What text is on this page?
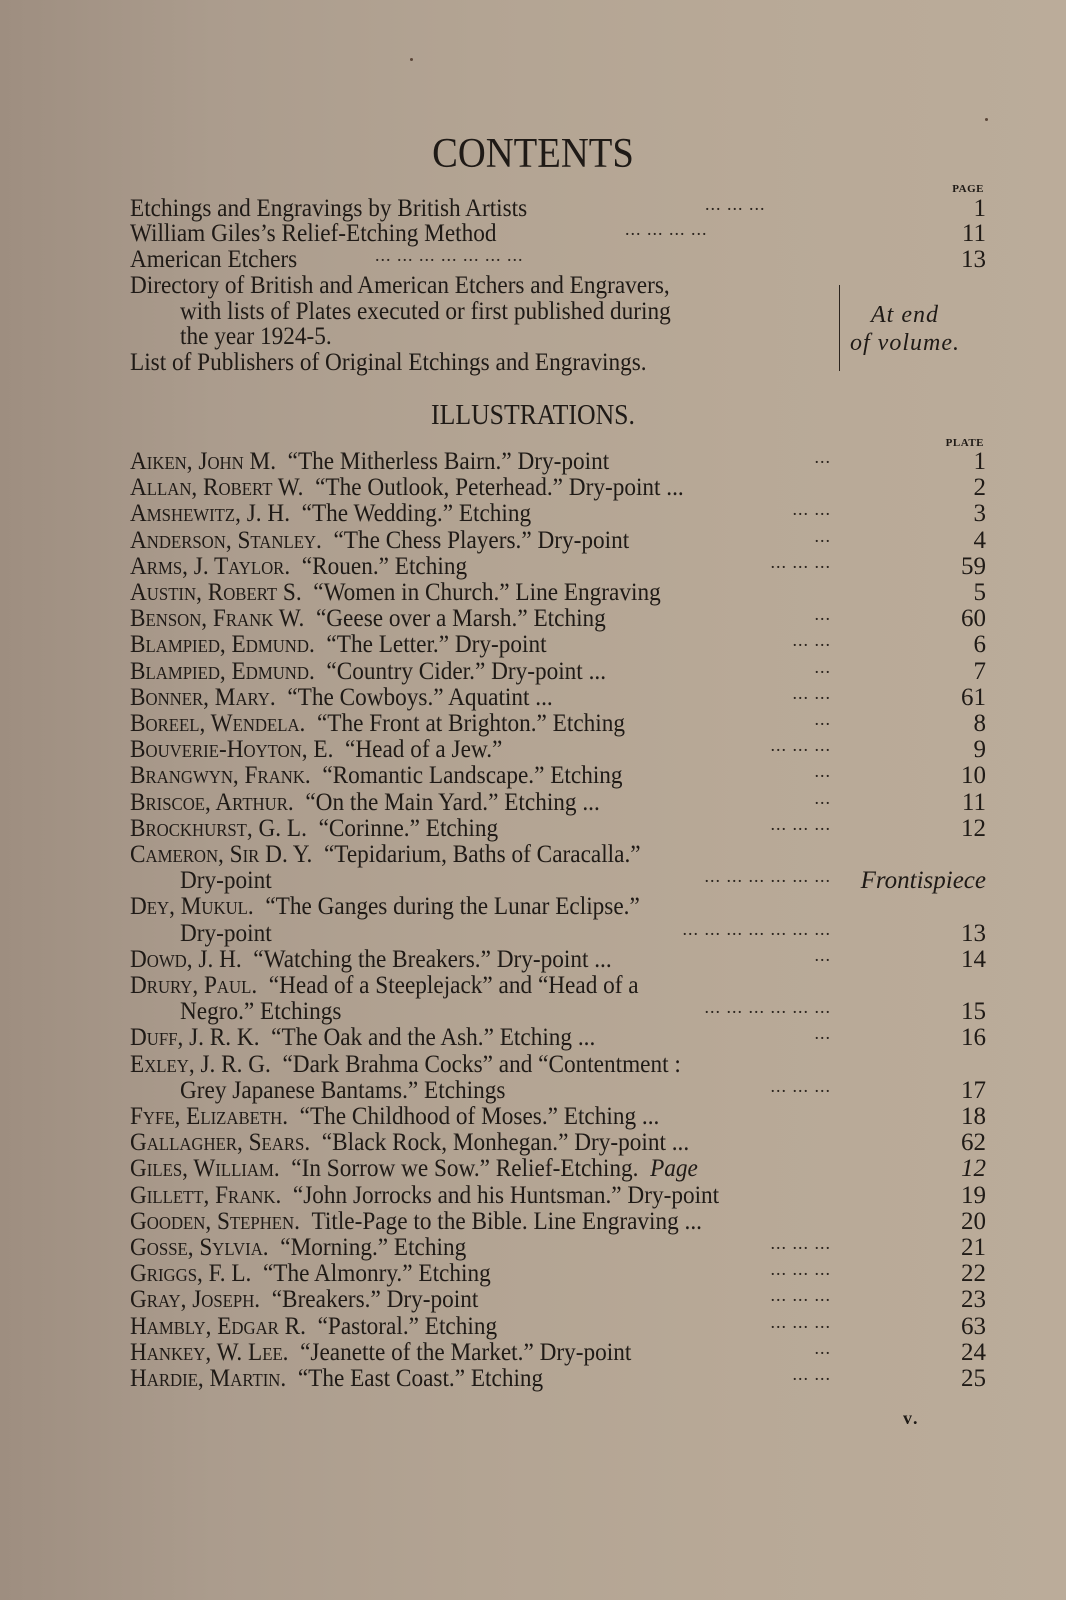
CONTENTS
PAGE
Etchings and Engravings by British Artists	... ... ...	1
William Giles’s Relief-Etching Method	... ... ... ...	11
American Etchers	... ... ... ... ... ... ...	13
Directory of British and American Etchers and Engravers,
with lists of Plates executed or first published during
the year 1924-5.
List of Publishers of Original Etchings and Engravings.
At end
of volume.
ILLUSTRATIONS.
PLATE
Aiken, John M. “The Mitherless Bairn.” Dry-point	...	1
Allan, Robert W. “The Outlook, Peterhead.” Dry-point ...	2
Amshewitz, J. H. “The Wedding.” Etching	... ...	3
Anderson, Stanley. “The Chess Players.” Dry-point	...	4
Arms, J. Taylor. “Rouen.” Etching	... ... ...	59
Austin, Robert S. “Women in Church.” Line Engraving	5
Benson, Frank W. “Geese over a Marsh.” Etching	...	60
Blampied, Edmund. “The Letter.” Dry-point	... ...	6
Blampied, Edmund. “Country Cider.” Dry-point ...	...	7
Bonner, Mary. “The Cowboys.” Aquatint ...	... ...	61
Boreel, Wendela. “The Front at Brighton.” Etching	...	8
Bouverie-Hoyton, E. “Head of a Jew.”	... ... ...	9
Brangwyn, Frank. “Romantic Landscape.” Etching	...	10
Briscoe, Arthur. “On the Main Yard.” Etching ...	...	11
Brockhurst, G. L. “Corinne.” Etching	... ... ...	12
Cameron, Sir D. Y. “Tepidarium, Baths of Caracalla.”
Dry-point	... ... ... ... ... ...	Frontispiece
Dey, Mukul. “The Ganges during the Lunar Eclipse.”
Dry-point	... ... ... ... ... ... ...	13
Dowd, J. H. “Watching the Breakers.” Dry-point ...	...	14
Drury, Paul. “Head of a Steeplejack” and “Head of a
Negro.” Etchings	... ... ... ... ... ...	15
Duff, J. R. K. “The Oak and the Ash.” Etching ...	...	16
Exley, J. R. G. “Dark Brahma Cocks” and “Contentment :
Grey Japanese Bantams.” Etchings	... ... ...	17
Fyfe, Elizabeth. “The Childhood of Moses.” Etching ...	18
Gallagher, Sears. “Black Rock, Monhegan.” Dry-point ...	62
Giles, William. “In Sorrow we Sow.” Relief-Etching. Page	12
Gillett, Frank. “John Jorrocks and his Huntsman.” Dry-point	19
Gooden, Stephen. Title-Page to the Bible. Line Engraving ...	20
Gosse, Sylvia. “Morning.” Etching	... ... ...	21
Griggs, F. L. “The Almonry.” Etching	... ... ...	22
Gray, Joseph. “Breakers.” Dry-point	... ... ...	23
Hambly, Edgar R. “Pastoral.” Etching	... ... ...	63
Hankey, W. Lee. “Jeanette of the Market.” Dry-point	...	24
Hardie, Martin. “The East Coast.” Etching	... ...	25
v.
